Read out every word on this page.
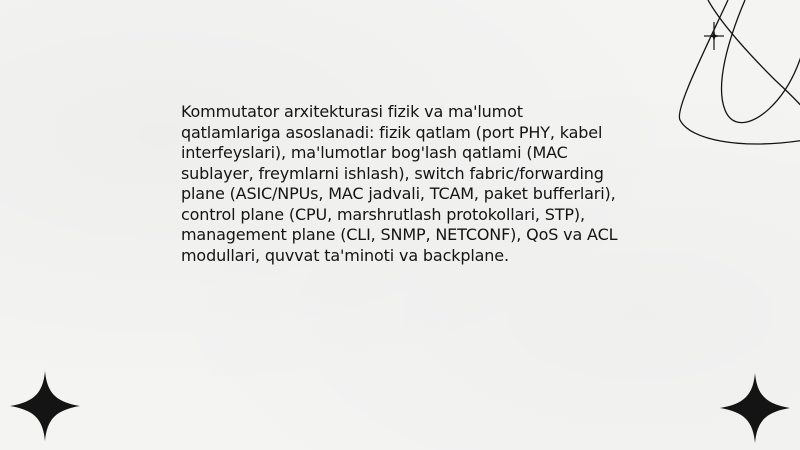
Kommutator arxitekturasi fizik va ma'lumot qatlamlariga asoslanadi: fizik qatlam (port PHY, kabel interfeyslari), ma'lumotlar bog'lash qatlami (MAC sublayer, freymlarni ishlash), switch fabric/forwarding plane (ASIC/NPUs, MAC jadvali, TCAM, paket bufferlari), control plane (CPU, marshrutlash protokollari, STP), management plane (CLI, SNMP, NETCONF), QoS va ACL modullari, quvvat ta'minoti va backplane.
